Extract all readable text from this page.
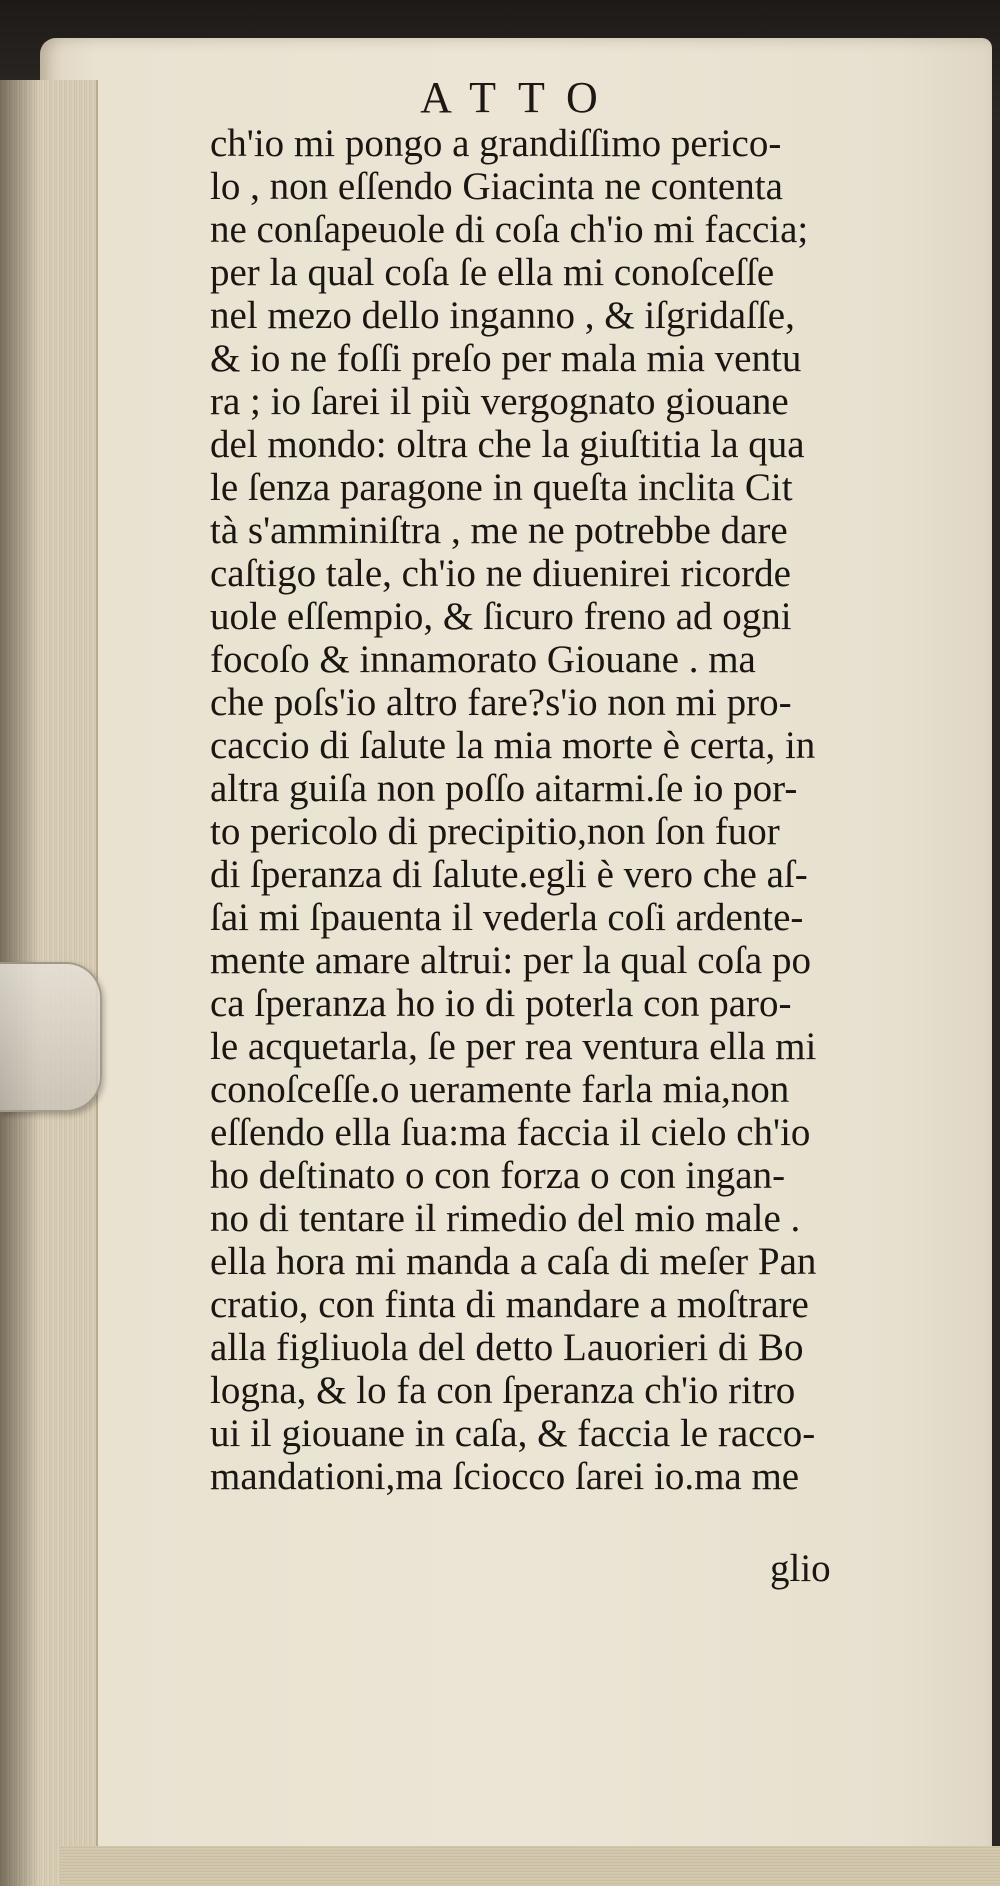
ATTO
ch'io mi pongo a grandiſſimo perico-
lo , non eſſendo Giacinta ne contenta
ne conſapeuole di coſa ch'io mi faccia;
per la qual coſa ſe ella mi conoſceſſe
nel mezo dello inganno , & iſgridaſſe,
& io ne foſſi preſo per mala mia ventu
ra ; io ſarei il più vergognato giouane
del mondo: oltra che la giuſtitia la qua
le ſenza paragone in queſta inclita Cit
tà s'amminiſtra , me ne potrebbe dare
caſtigo tale, ch'io ne diuenirei ricorde
uole eſſempio, & ſicuro freno ad ogni
focoſo & innamorato Giouane . ma
che poſs'io altro fare?s'io non mi pro-
caccio di ſalute la mia morte è certa, in
altra guiſa non poſſo aitarmi.ſe io por-
to pericolo di precipitio,non ſon fuor
di ſperanza di ſalute.egli è vero che aſ-
ſai mi ſpauenta il vederla coſi ardente-
mente amare altrui: per la qual coſa po
ca ſperanza ho io di poterla con paro-
le acquetarla, ſe per rea ventura ella mi
conoſceſſe.o ueramente farla mia,non
eſſendo ella ſua:ma faccia il cielo ch'io
ho deſtinato o con forza o con ingan-
no di tentare il rimedio del mio male .
ella hora mi manda a caſa di meſer Pan
cratio, con finta di mandare a moſtrare
alla figliuola del detto Lauorieri di Bo
logna, & lo fa con ſperanza ch'io ritro
ui il giouane in caſa, & faccia le racco-
mandationi,ma ſciocco ſarei io.ma me
glio
